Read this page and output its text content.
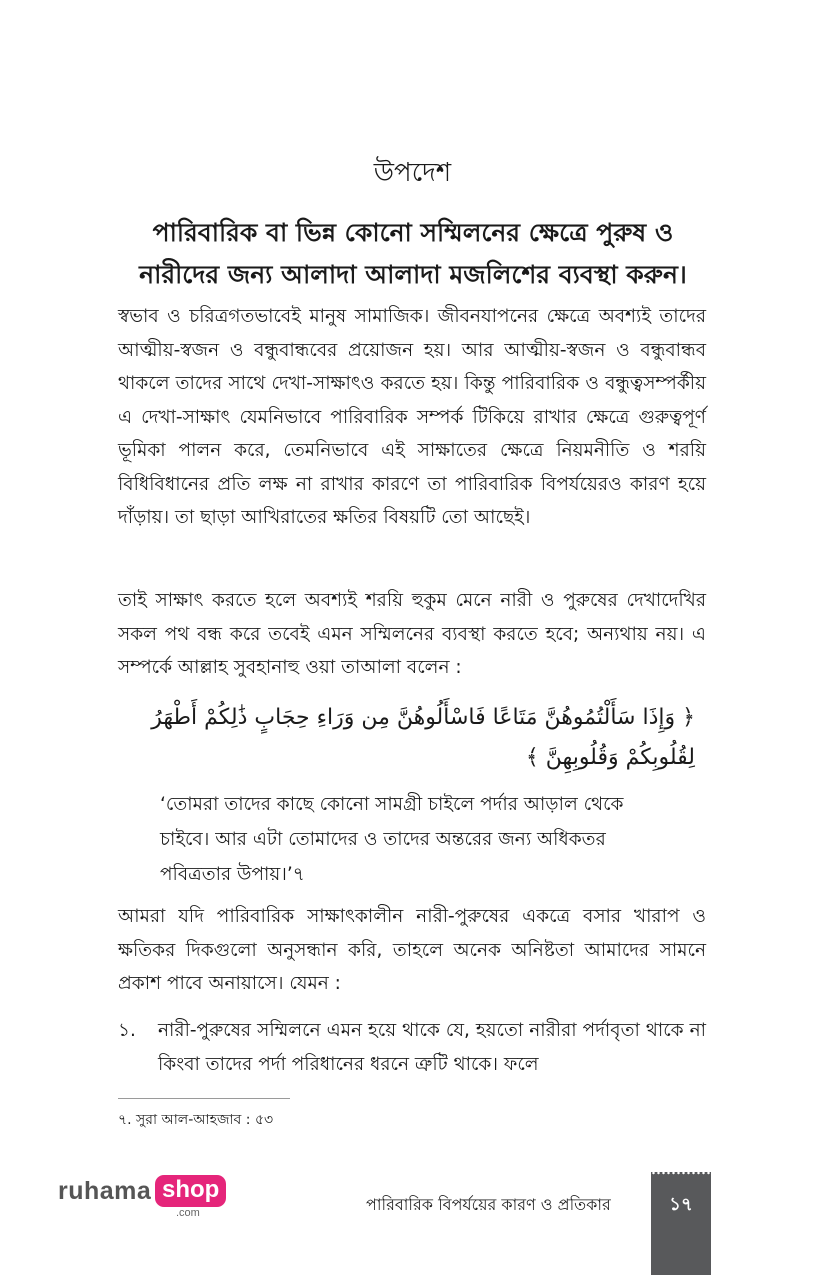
উপদেশ
পারিবারিক বা ভিন্ন কোনো সম্মিলনের ক্ষেত্রে পুরুষ ও নারীদের জন্য আলাদা আলাদা মজলিশের ব্যবস্থা করুন।

স্বভাব ও চরিত্রগতভাবেই মানুষ সামাজিক। জীবনযাপনের ক্ষেত্রে অবশ্যই তাদের আত্মীয়-স্বজন ও বন্ধুবান্ধবের প্রয়োজন হয়। আর আত্মীয়-স্বজন ও বন্ধুবান্ধব থাকলে তাদের সাথে দেখা-সাক্ষাৎও করতে হয়। কিন্তু পারিবারিক ও বন্ধুত্বসম্পর্কীয় এ দেখা-সাক্ষাৎ যেমনিভাবে পারিবারিক সম্পর্ক টিকিয়ে রাখার ক্ষেত্রে গুরুত্বপূর্ণ ভূমিকা পালন করে, তেমনিভাবে এই সাক্ষাতের ক্ষেত্রে নিয়মনীতি ও শরয়ি বিধিবিধানের প্রতি লক্ষ না রাখার কারণে তা পারিবারিক বিপর্যয়েরও কারণ হয়ে দাঁড়ায়। তা ছাড়া আখিরাতের ক্ষতির বিষয়টি তো আছেই।

তাই সাক্ষাৎ করতে হলে অবশ্যই শরয়ি হুকুম মেনে নারী ও পুরুষের দেখাদেখির সকল পথ বন্ধ করে তবেই এমন সম্মিলনের ব্যবস্থা করতে হবে; অন্যথায় নয়। এ সম্পর্কে আল্লাহ সুবহানাহু ওয়া তাআলা বলেন :

﴿ وَإِذَا سَأَلْتُمُوهُنَّ مَتَاعًا فَاسْأَلُوهُنَّ مِن وَرَاءِ حِجَابٍ ذَٰلِكُمْ أَطْهَرُ لِقُلُوبِكُمْ وَقُلُوبِهِنَّ ﴾

‘তোমরা তাদের কাছে কোনো সামগ্রী চাইলে পর্দার আড়াল থেকে চাইবে। আর এটা তোমাদের ও তাদের অন্তরের জন্য অধিকতর পবিত্রতার উপায়।’৭

আমরা যদি পারিবারিক সাক্ষাৎকালীন নারী-পুরুষের একত্রে বসার খারাপ ও ক্ষতিকর দিকগুলো অনুসন্ধান করি, তাহলে অনেক অনিষ্টতা আমাদের সামনে প্রকাশ পাবে অনায়াসে। যেমন :

১. নারী-পুরুষের সম্মিলনে এমন হয়ে থাকে যে, হয়তো নারীরা পর্দাবৃতা থাকে না কিংবা তাদের পর্দা পরিধানের ধরনে ত্রুটি থাকে। ফলে
৭. সুরা আল-আহজাব : ৫৩
ruhama shop
.com	পারিবারিক বিপর্যয়ের কারণ ও প্রতিকার	১৭
